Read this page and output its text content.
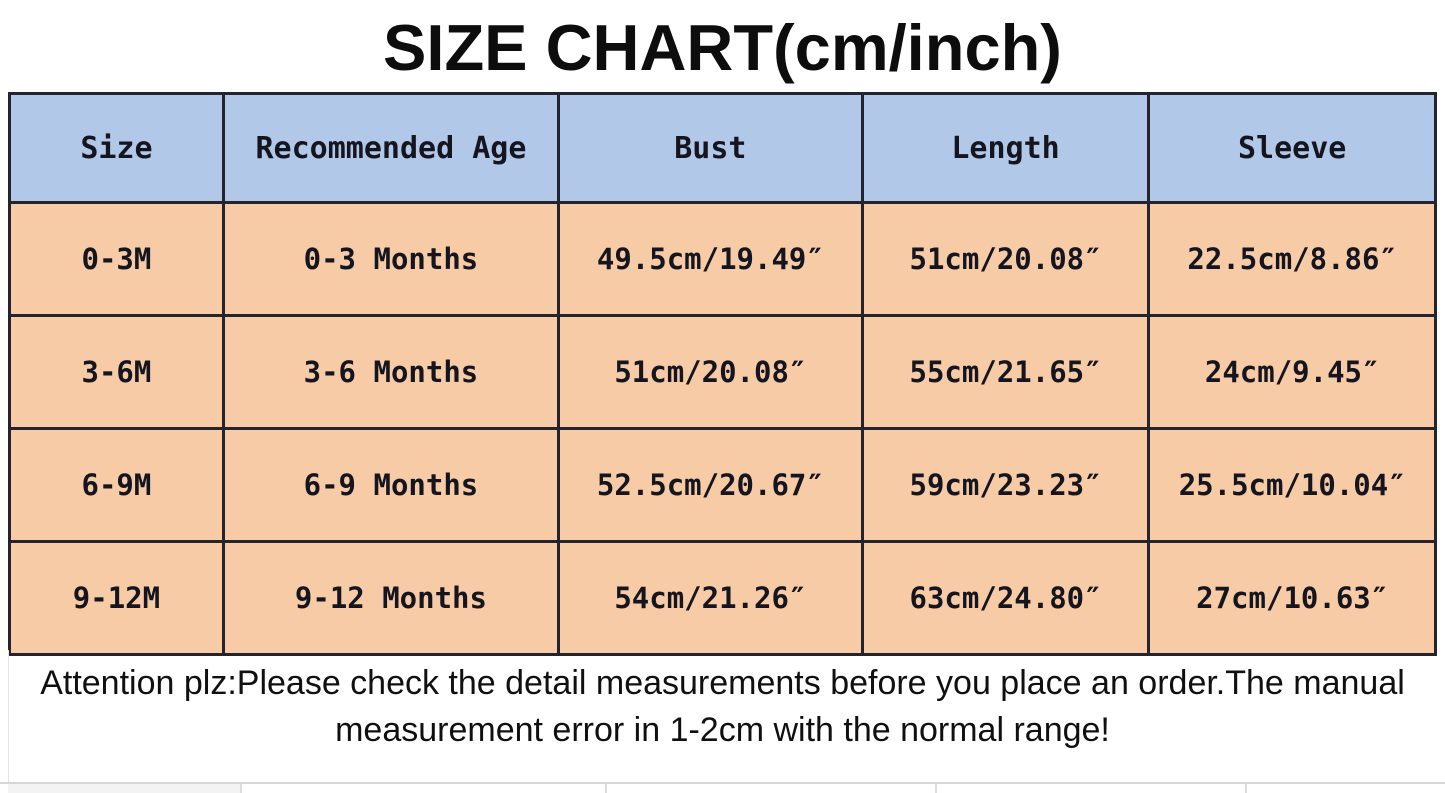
SIZE CHART(cm/inch)
Size	Recommended Age	Bust	Length	Sleeve
0-3M	0-3 Months	49.5cm/19.49″	51cm/20.08″	22.5cm/8.86″
3-6M	3-6 Months	51cm/20.08″	55cm/21.65″	24cm/9.45″
6-9M	6-9 Months	52.5cm/20.67″	59cm/23.23″	25.5cm/10.04″
9-12M	9-12 Months	54cm/21.26″	63cm/24.80″	27cm/10.63″
Attention plz:Please check the detail measurements before you place an order.The manual
measurement error in 1-2cm with the normal range!
